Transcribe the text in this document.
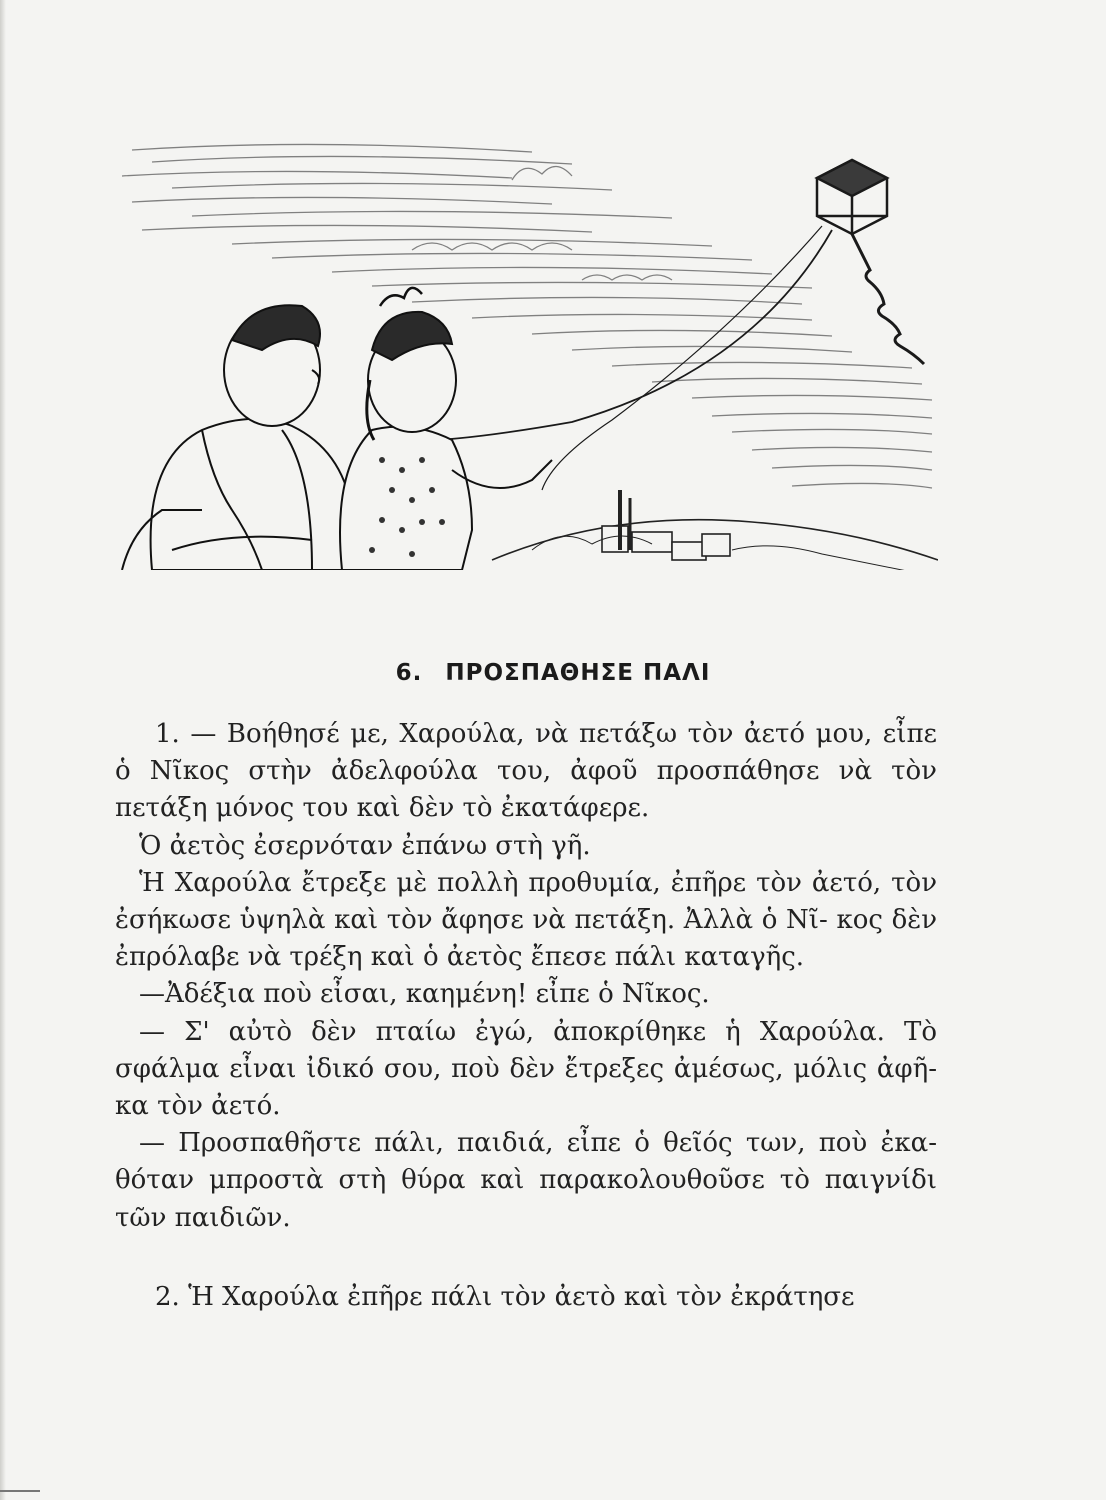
6. ΠΡΟΣΠΑΘΗΣΕ ΠΑΛΙ

1. — Βοήθησέ με, Χαρούλα, νὰ πετάξω τὸν ἀετό μου, εἶπε ὁ Νῖκος στὴν ἀδελφούλα του, ἀφοῦ προσπάθησε νὰ τὸν πετάξη μόνος του καὶ δὲν τὸ ἐκατάφερε.

Ὁ ἀετὸς ἐσερνόταν ἐπάνω στὴ γῆ.

Ἡ Χαρούλα ἔτρεξε μὲ πολλὴ προθυμία, ἐπῆρε τὸν ἀετό, τὸν ἐσήκωσε ὑψηλὰ καὶ τὸν ἄφησε νὰ πετάξη. Ἀλλὰ ὁ Νῖ- κος δὲν ἐπρόλαβε νὰ τρέξη καὶ ὁ ἀετὸς ἔπεσε πάλι καταγῆς.

—Ἀδέξια ποὺ εἶσαι, καημένη! εἶπε ὁ Νῖκος.

— Σ' αὐτὸ δὲν πταίω ἐγώ, ἀποκρίθηκε ἡ Χαρούλα. Τὸ σφάλμα εἶναι ἰδικό σου, ποὺ δὲν ἔτρεξες ἀμέσως, μόλις ἀφῆ- κα τὸν ἀετό.

— Προσπαθῆστε πάλι, παιδιά, εἶπε ὁ θεῖός των, ποὺ ἐκα- θόταν μπροστὰ στὴ θύρα καὶ παρακολουθοῦσε τὸ παιγνίδι τῶν παιδιῶν.

2. Ἡ Χαρούλα ἐπῆρε πάλι τὸν ἀετὸ καὶ τὸν ἐκράτησε
